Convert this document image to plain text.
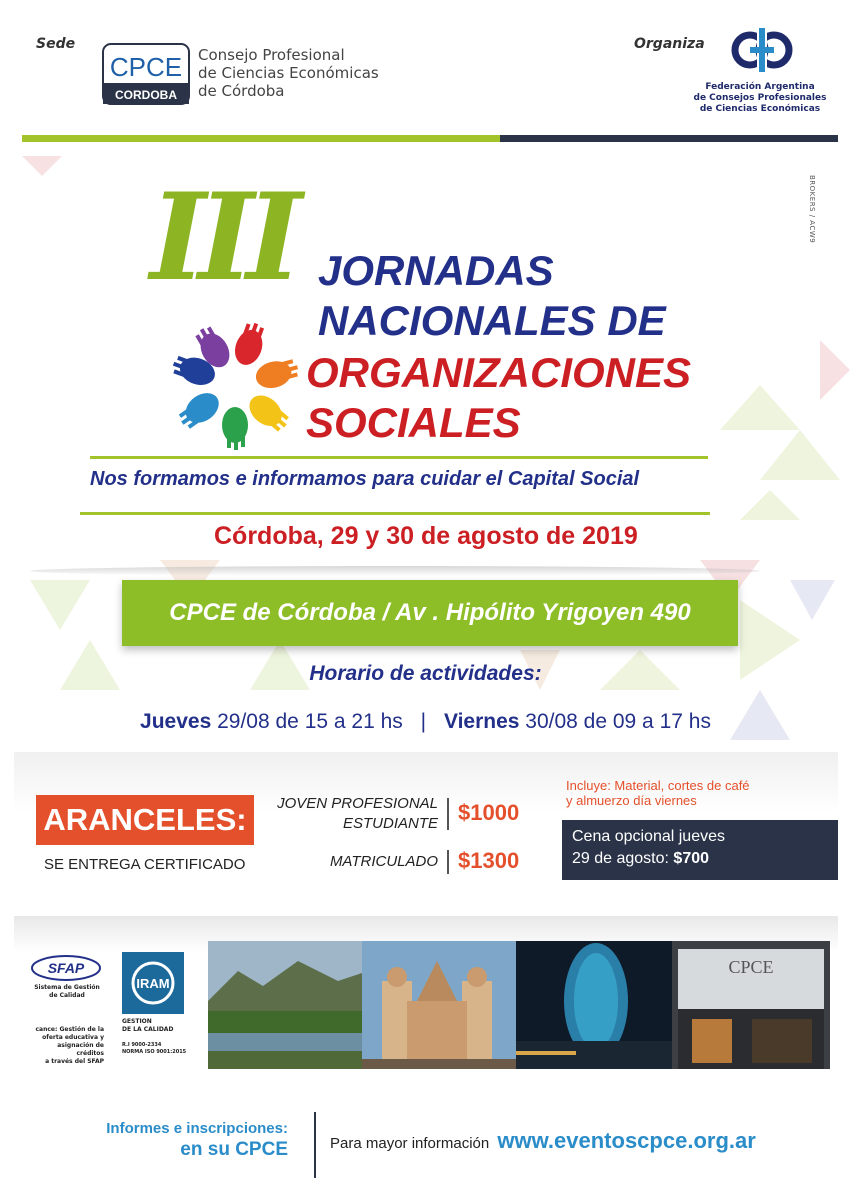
Sede
CPCE
CORDOBA
Consejo Profesional
de Ciencias Económicas
de Córdoba
Organiza
Federación Argentina
de Consejos Profesionales
de Ciencias Económicas
BROKERS / ACW9
III JORNADAS
NACIONALES DE
ORGANIZACIONES
SOCIALES
Nos formamos e informamos para cuidar el Capital Social
Córdoba, 29 y 30 de agosto de 2019
CPCE de Córdoba / Av . Hipólito Yrigoyen 490
Horario de actividades:
Jueves 29/08 de 15 a 21 hs | Viernes 30/08 de 09 a 17 hs
ARANCELES:
SE ENTREGA CERTIFICADO
JOVEN PROFESIONAL
ESTUDIANTE $1000
MATRICULADO $1300
Incluye: Material, cortes de café
y almuerzo día viernes
Cena opcional jueves
29 de agosto: $700
SFAP
Sistema de Gestión
de Calidad
cance: Gestión de la
oferta educativa y
asignación de créditos
a través del SFAP
IRAM
GESTION
DE LA CALIDAD
R.I 9000-2334
NORMA ISO 9001:2015
CPCE
Informes e inscripciones:
en su CPCE	Para mayor información www.eventoscpce.org.ar
